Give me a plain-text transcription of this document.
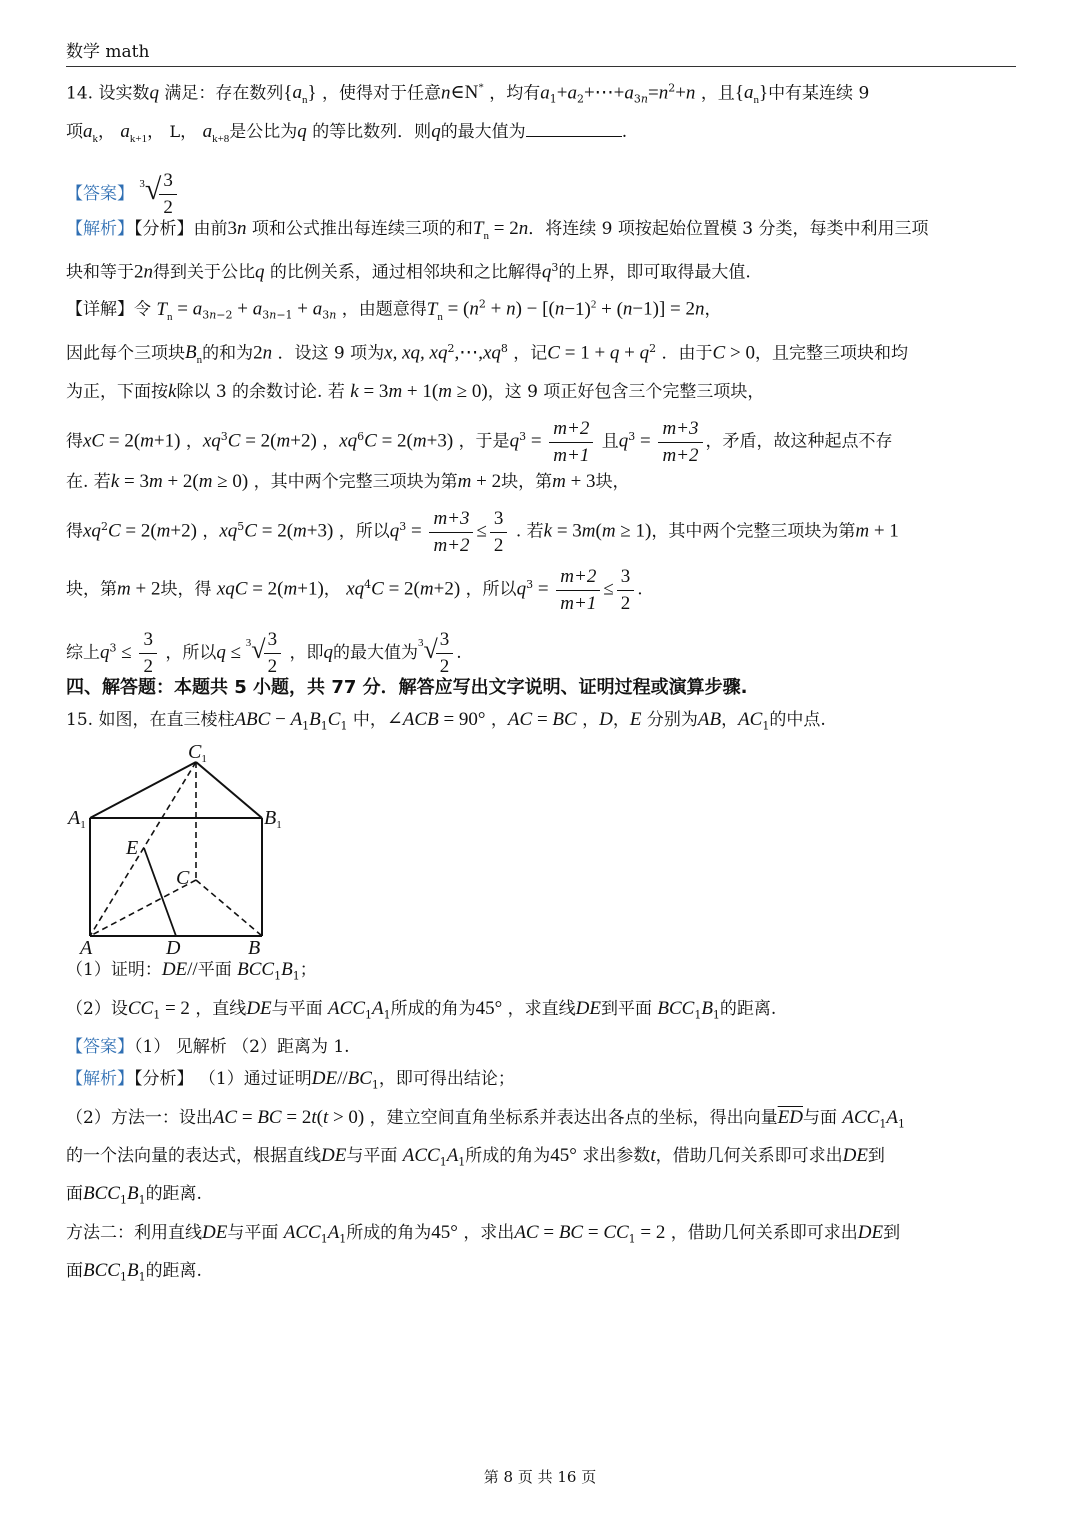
数学 math
14. 设实数q 满足：存在数列$\{a_n\}$ ，使得对于任意n∈N* ，均有$a_1+a_2+\cdots+a_{3n}=n^2+n$ ，且$\{a_n\}$中有某连续 9
项$a_k$， $a_{k+1}$， L， $a_{k+8}$是公比为q 的等比数列．则q的最大值为	.
【答案】 $^3$√
$\frac{3}{2}$
【解析】【分析】由前3n 项和公式推出每连续三项的和$T_n = 2n$．将连续 9 项按起始位置模 3 分类，每类中利用三项
块和等于2n得到关于公比q 的比例关系，通过相邻块和之比解得$q^3$的上界，即可取得最大值.
【详解】令 $T_n = a_{3n-2} + a_{3n-1} + a_{3n}$ ，由题意得$T_n = (n^2 + n) - [(n-1)^2 + (n-1)] = 2n$，
因此每个三项块$B_n$的和为2n ．设这 9 项为x, xq, $xq^2,\cdots,xq^8$ ，记$C = 1 + q + q^2$ ．由于C > 0，且完整三项块和均
为正，下面按k除以 3 的余数讨论. 若 k = 3m + 1(m ≥ 0)，这 9 项正好包含三个完整三项块，
得xC = 2(m+1) ，$xq^3C = 2(m+2)$ ，$xq^6C = 2(m+3)$ ，于是$q^3 = \frac{m+2}{m+1}$ 且$q^3 = \frac{m+3}{m+2}$ ，矛盾，故这种起点不存
在. 若k = 3m + 2(m ≥ 0) ，其中两个完整三项块为第m + 2块，第m + 3块，
得$xq^2C = 2(m+2)$ ，$xq^5C = 2(m+3)$ ，所以$q^3 = \frac{m+3}{m+2} \le \frac{3}{2}$ . 若k = 3m(m ≥ 1)，其中两个完整三项块为第m + 1
块，第m + 2块，得 xqC = 2(m+1)， $xq^4C = 2(m+2)$ ，所以$q^3 = \frac{m+2}{m+1} \le \frac{3}{2}$ .
综上$q^3 \le \frac{3}{2}$ ，所以q ≤ $^3$√
$\frac{3}{2}$ ，即q的最大值为$^3$√
$\frac{3}{2}$ .
四、解答题：本题共 5 小题，共 77 分．解答应写出文字说明、证明过程或演算步骤.
15. 如图，在直三棱柱ABC − $A_1B_1C_1$ 中，∠ACB = 90° ，AC = BC ，D，E 分别为AB，$AC_1$的中点.
$C_1$
$A_1$	$B_1$
E
C
A	D	B
（1）证明：DE//平面 $BCC_1B_1$；
（2）设$CC_1 = 2$ ，直线DE与平面 $ACC_1A_1$所成的角为45° ，求直线DE到平面 $BCC_1B_1$的距离.
【答案】（1） 见解析 （2）距离为 1.
【解析】【分析】 （1）通过证明$DE//BC_1$，即可得出结论；
（2）方法一：设出AC = BC = 2t(t > 0) ，建立空间直角坐标系并表达出各点的坐标，得出向量$\overline{ED}$与面 $ACC_1A_1$
的一个法向量的表达式，根据直线DE与平面 $ACC_1A_1$所成的角为45° 求出参数t，借助几何关系即可求出DE到
面$BCC_1B_1$的距离.
方法二：利用直线DE与平面 $ACC_1A_1$所成的角为45° ，求出AC = BC = $CC_1 = 2$ ，借助几何关系即可求出DE到
面$BCC_1B_1$的距离.
第 8 页 共 16 页
